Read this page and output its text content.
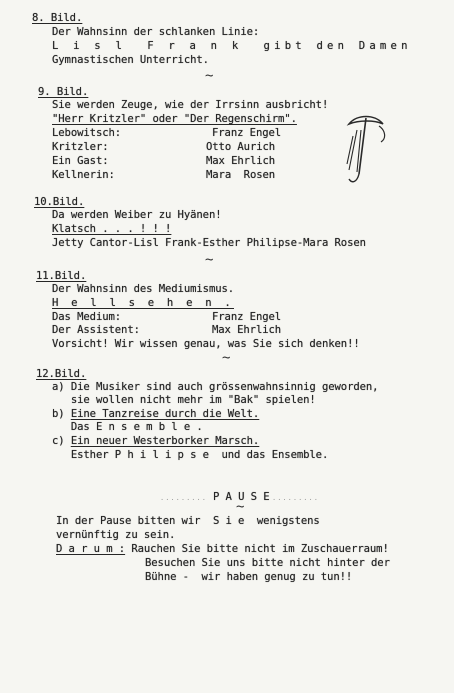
8. Bild.
Der Wahnsinn der schlanken Linie:
L i s l  F r a n k  gibt den Damen
Gymnastischen Unterricht.
~
9. Bild.
Sie werden Zeuge, wie der Irrsinn ausbricht!
"Herr Kritzler" oder "Der Regenschirm".
Lebowitsch:	Franz Engel
Kritzler:	Otto Aurich
Ein Gast:	Max Ehrlich
Kellnerin:	Mara  Rosen
10.Bild.
Da werden Weiber zu Hyänen!
Klatsch . . . ! ! !
Jetty Cantor-Lisl Frank-Esther Philipse-Mara Rosen
~
11.Bild.
Der Wahnsinn des Mediumismus.
H e l l s e h e n .
Das Medium:	Franz Engel
Der Assistent:	Max Ehrlich
Vorsicht! Wir wissen genau, was Sie sich denken!!
~
12.Bild.
a) Die Musiker sind auch grössenwahnsinnig geworden,
sie wollen nicht mehr im "Bak" spielen!
b) Eine Tanzreise durch die Welt.
Das E n s e m b l e .
c) Ein neuer Westerborker Marsch.
Esther P h i l i p s e  und das Ensemble.
......... P A U S E .........
~
In der Pause bitten wir  S i e  wenigstens
vernünftig zu sein.
D a r u m : Rauchen Sie bitte nicht im Zuschauerraum!
Besuchen Sie uns bitte nicht hinter der
Bühne -  wir haben genug zu tun!!
